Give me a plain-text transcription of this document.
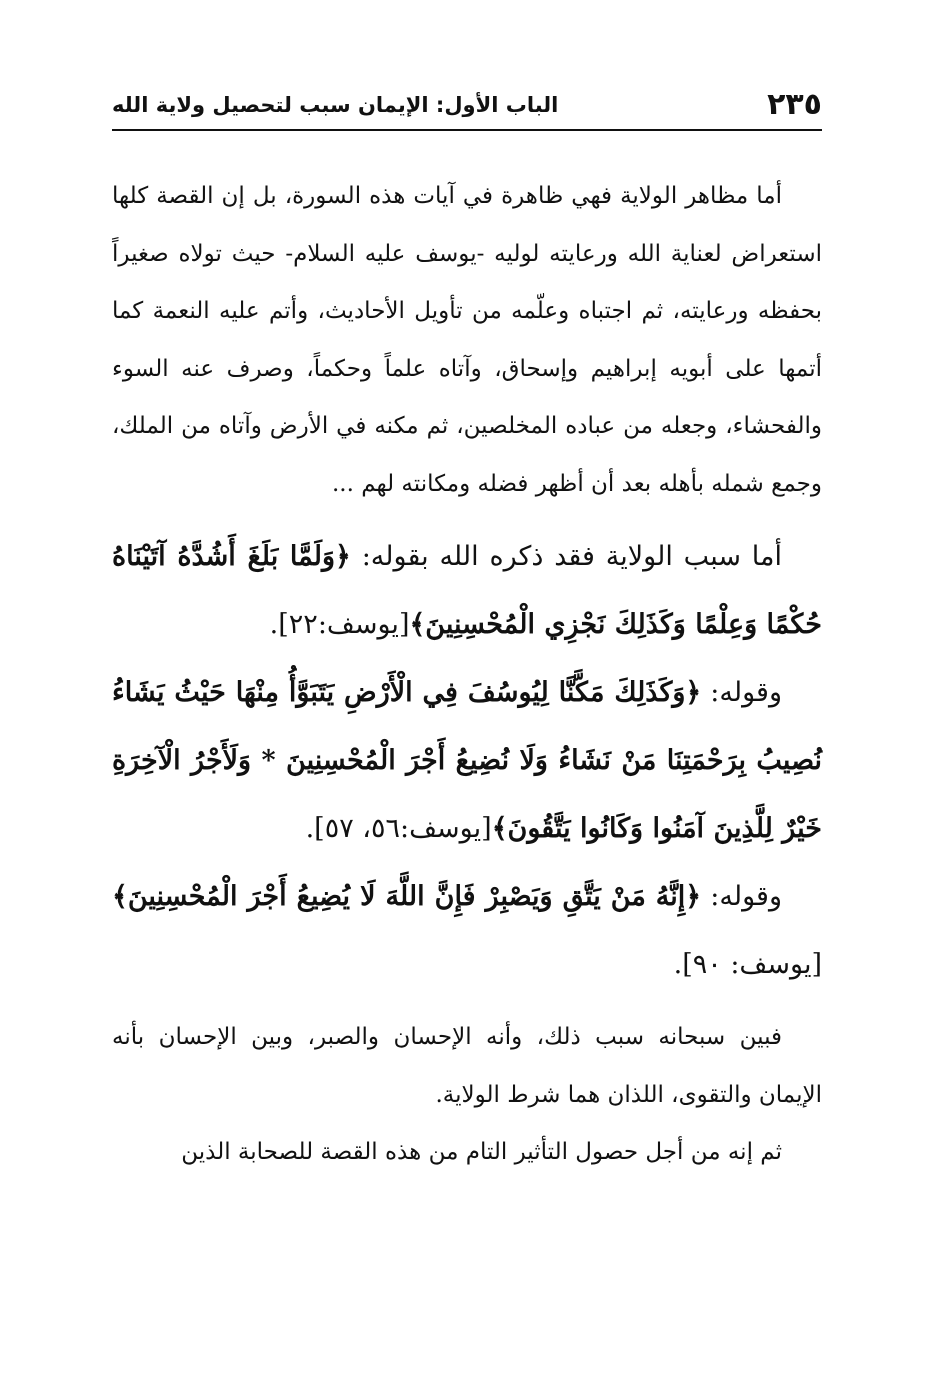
٢٣٥
الباب الأول: الإيمان سبب لتحصيل ولاية الله

أما مظاهر الولاية فهي ظاهرة في آيات هذه السورة، بل إن القصة كلها استعراض لعناية الله ورعايته لوليه -يوسف عليه السلام- حيث تولاه صغيراً بحفظه ورعايته، ثم اجتباه وعلّمه من تأويل الأحاديث، وأتم عليه النعمة كما أتمها على أبويه إبراهيم وإسحاق، وآتاه علماً وحكماً، وصرف عنه السوء والفحشاء، وجعله من عباده المخلصين، ثم مكنه في الأرض وآتاه من الملك، وجمع شمله بأهله بعد أن أظهر فضله ومكانته لهم ...

أما سبب الولاية فقد ذكره الله بقوله: ﴿وَلَمَّا بَلَغَ أَشُدَّهُ آتَيْنَاهُ حُكْمًا وَعِلْمًا وَكَذَلِكَ نَجْزِي الْمُحْسِنِينَ﴾[يوسف:٢٢].

وقوله: ﴿وَكَذَلِكَ مَكَّنَّا لِيُوسُفَ فِي الْأَرْضِ يَتَبَوَّأُ مِنْهَا حَيْثُ يَشَاءُ نُصِيبُ بِرَحْمَتِنَا مَنْ نَشَاءُ وَلَا نُضِيعُ أَجْرَ الْمُحْسِنِينَ * وَلَأَجْرُ الْآخِرَةِ خَيْرٌ لِلَّذِينَ آمَنُوا وَكَانُوا يَتَّقُونَ﴾[يوسف:٥٦، ٥٧].

وقوله: ﴿إِنَّهُ مَنْ يَتَّقِ وَيَصْبِرْ فَإِنَّ اللَّهَ لَا يُضِيعُ أَجْرَ الْمُحْسِنِينَ﴾[يوسف: ٩٠].

فبين سبحانه سبب ذلك، وأنه الإحسان والصبر، وبين الإحسان بأنه الإيمان والتقوى، اللذان هما شرط الولاية.

ثم إنه من أجل حصول التأثير التام من هذه القصة للصحابة الذين
